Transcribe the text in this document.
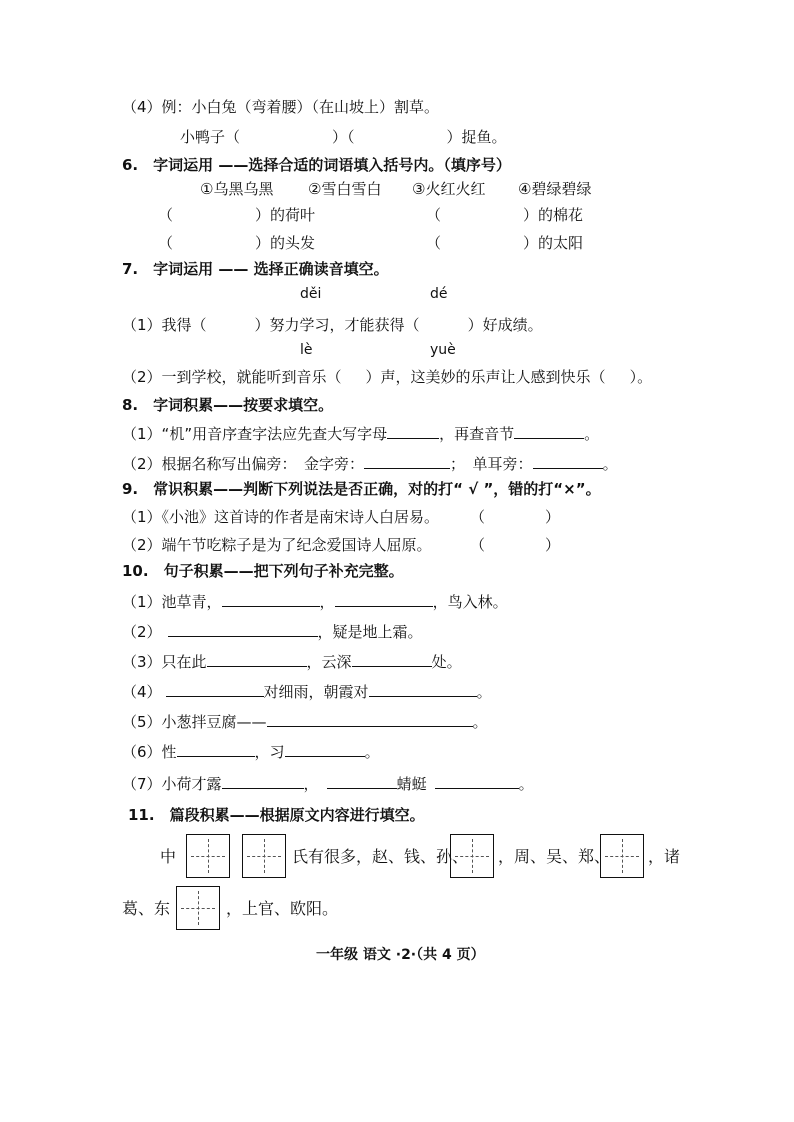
（4）例：小白兔（弯着腰）（在山坡上）割草。
小鸭子（	）（	）捉鱼。
6.　字词运用 ——选择合适的词语填入括号内。（填序号）
①乌黑乌黑 ②雪白雪白 ③火红火红 ④碧绿碧绿
（	）的荷叶	（	）的棉花
（	）的头发	（	）的太阳
7.　字词运用 —— 选择正确读音填空。
děi	dé
（1）我得（	）努力学习，才能获得（	）好成绩。
lè	yuè
（2）一到学校，就能听到音乐（ ）声，这美妙的乐声让人感到快乐（ ）。
8.　字词积累——按要求填空。
（1）“机”用音序查字法应先查大写字母	，再查音节	。
（2）根据名称写出偏旁：　金字旁：	；　单耳旁：	。
9.　常识积累——判断下列说法是否正确，对的打“ √ ”，错的打“×”。
（1）《小池》这首诗的作者是南宋诗人白居易。 （　　　　）
（2）端午节吃粽子是为了纪念爱国诗人屈原。	（　　　　）
10.　句子积累——把下列句子补充完整。
（1）池草青，	，	，鸟入林。
（2）	，疑是地上霜。
（3）只在此	，云深	处。
（4）	对细雨，朝霞对	。
（5）小葱拌豆腐——	。
（6）性	，习	。
（7）小荷才露	，	蜻蜓	。
11.　篇段积累——根据原文内容进行填空。
中	氏有很多，赵、钱、孙、 ，周、吴、郑、 ，诸
葛、东	，上官、欧阳。
一年级 语文 ·2·（共 4 页）
